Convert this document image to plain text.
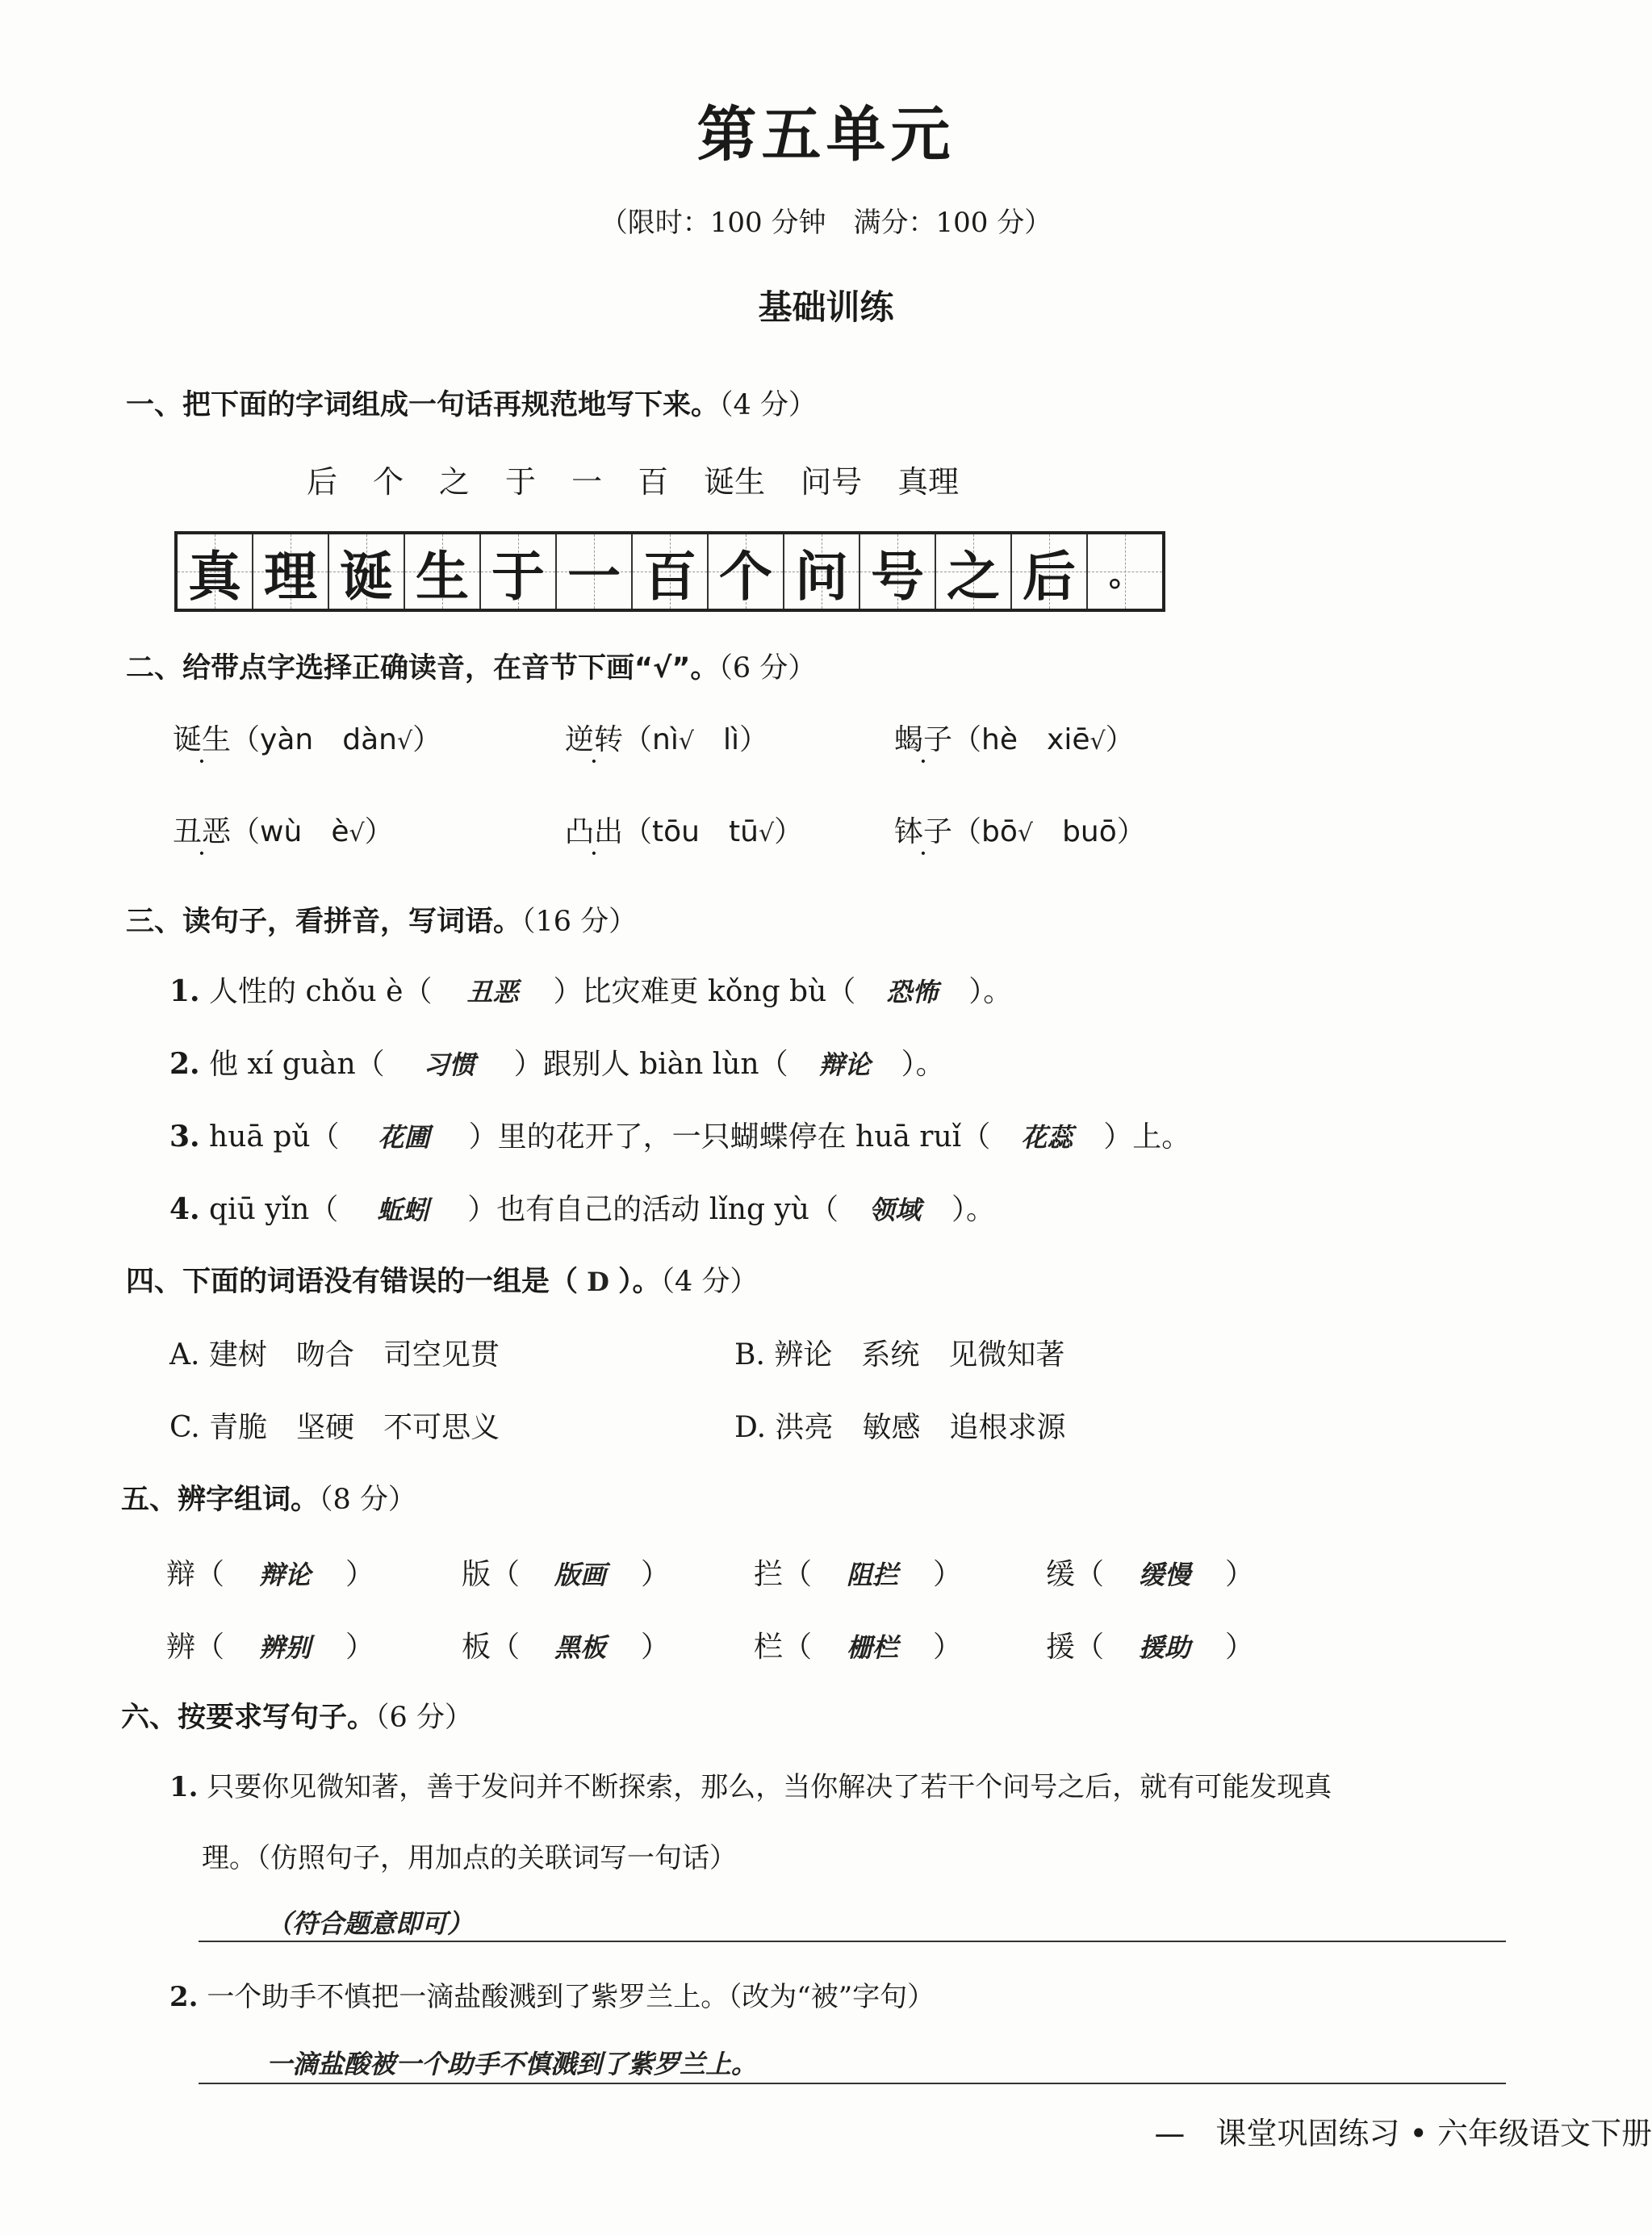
第五单元
（限时：100 分钟　满分：100 分）
基础训练
一、把下面的字词组成一句话再规范地写下来。（4 分）
后 个 之 于 一 百 诞生 问号 真理
真 理 诞 生 于 一 百 个 问 号 之 后 。
二、给带点字选择正确读音，在音节下画“√”。（6 分）
诞生（yàn　 dàn√）	逆转（nì√　 lì）	蝎子（hè　 xiē√）
丑恶（wù　 è√）	凸出（tōu　 tū√）	钵子（bō√　 buō）
三、读句子，看拼音，写词语。（16 分）
1. 人性的 chǒu è（ 丑恶 ）比灾难更 kǒng bù（ 恐怖 ）。
2. 他 xí guàn（ 习惯 ）跟别人 biàn lùn（ 辩论 ）。
3. huā pǔ（ 花圃 ）里的花开了，一只蝴蝶停在 huā ruǐ（ 花蕊 ）上。
4. qiū yǐn（ 蚯蚓 ）也有自己的活动 lǐng yù（ 领域 ）。
四、下面的词语没有错误的一组是（ D ）。（4 分）
A. 建树　吻合　司空见贯	B. 辨论　系统　见微知著
C. 青脆　坚硬　不可思义	D. 洪亮　敏感　追根求源
五、辨字组词。（8 分）
辩（ 辩论 ）	版（ 版画 ）	拦（ 阻拦 ）	缓（ 缓慢 ）
辨（ 辨别 ）	板（ 黑板 ）	栏（ 栅栏 ）	援（ 援助 ）
六、按要求写句子。（6 分）
1. 只要你见微知著，善于发问并不断探索，那么，当你解决了若干个问号之后，就有可能发现真
理。（仿照句子，用加点的关联词写一句话）
（符合题意即可）
2. 一个助手不慎把一滴盐酸溅到了紫罗兰上。（改为“被”字句）
一滴盐酸被一个助手不慎溅到了紫罗兰上。
—　课堂巩固练习 • 六年级语文下册
